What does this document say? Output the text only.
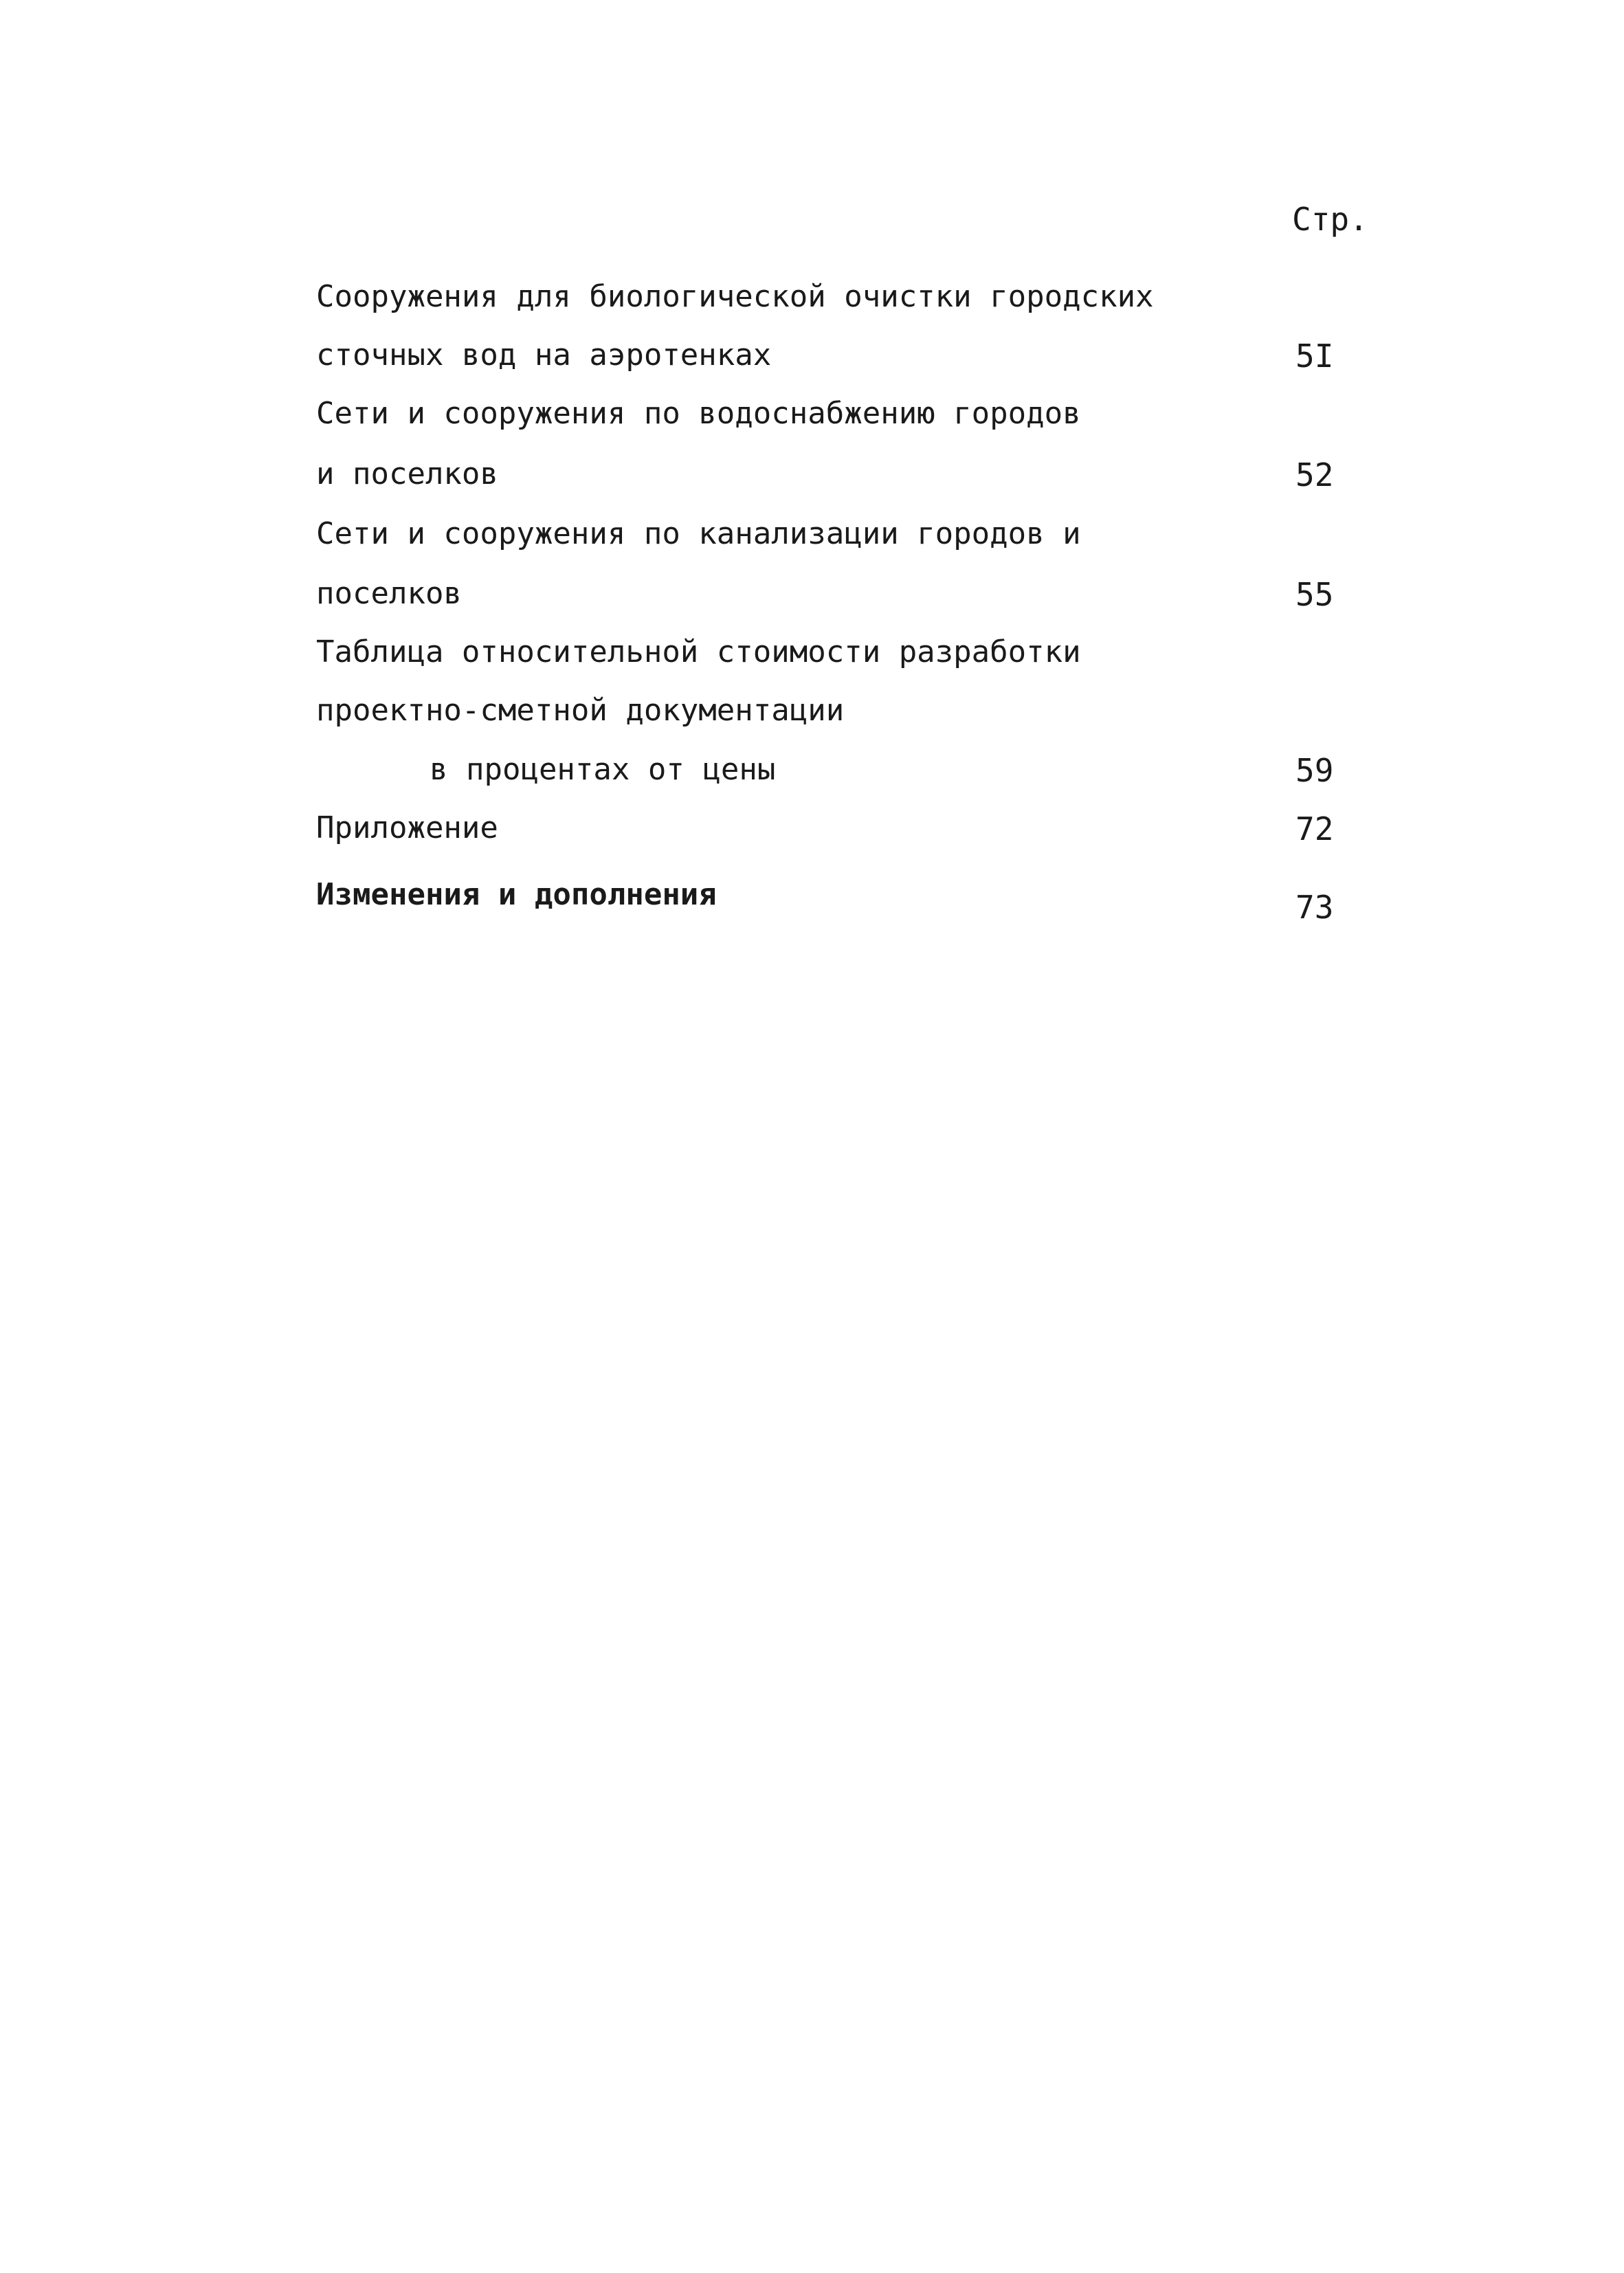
Стр.
Сооружения для биологической очистки городских
сточных вод на аэротенках	5I
Сети и сооружения по водоснабжению городов
и поселков	52
Сети и сооружения по канализации городов и
поселков	55
Таблица относительной стоимости разработки
проектно-сметной документации
в процентах от цены	59
Приложение	72
Изменения и дополнения	73
